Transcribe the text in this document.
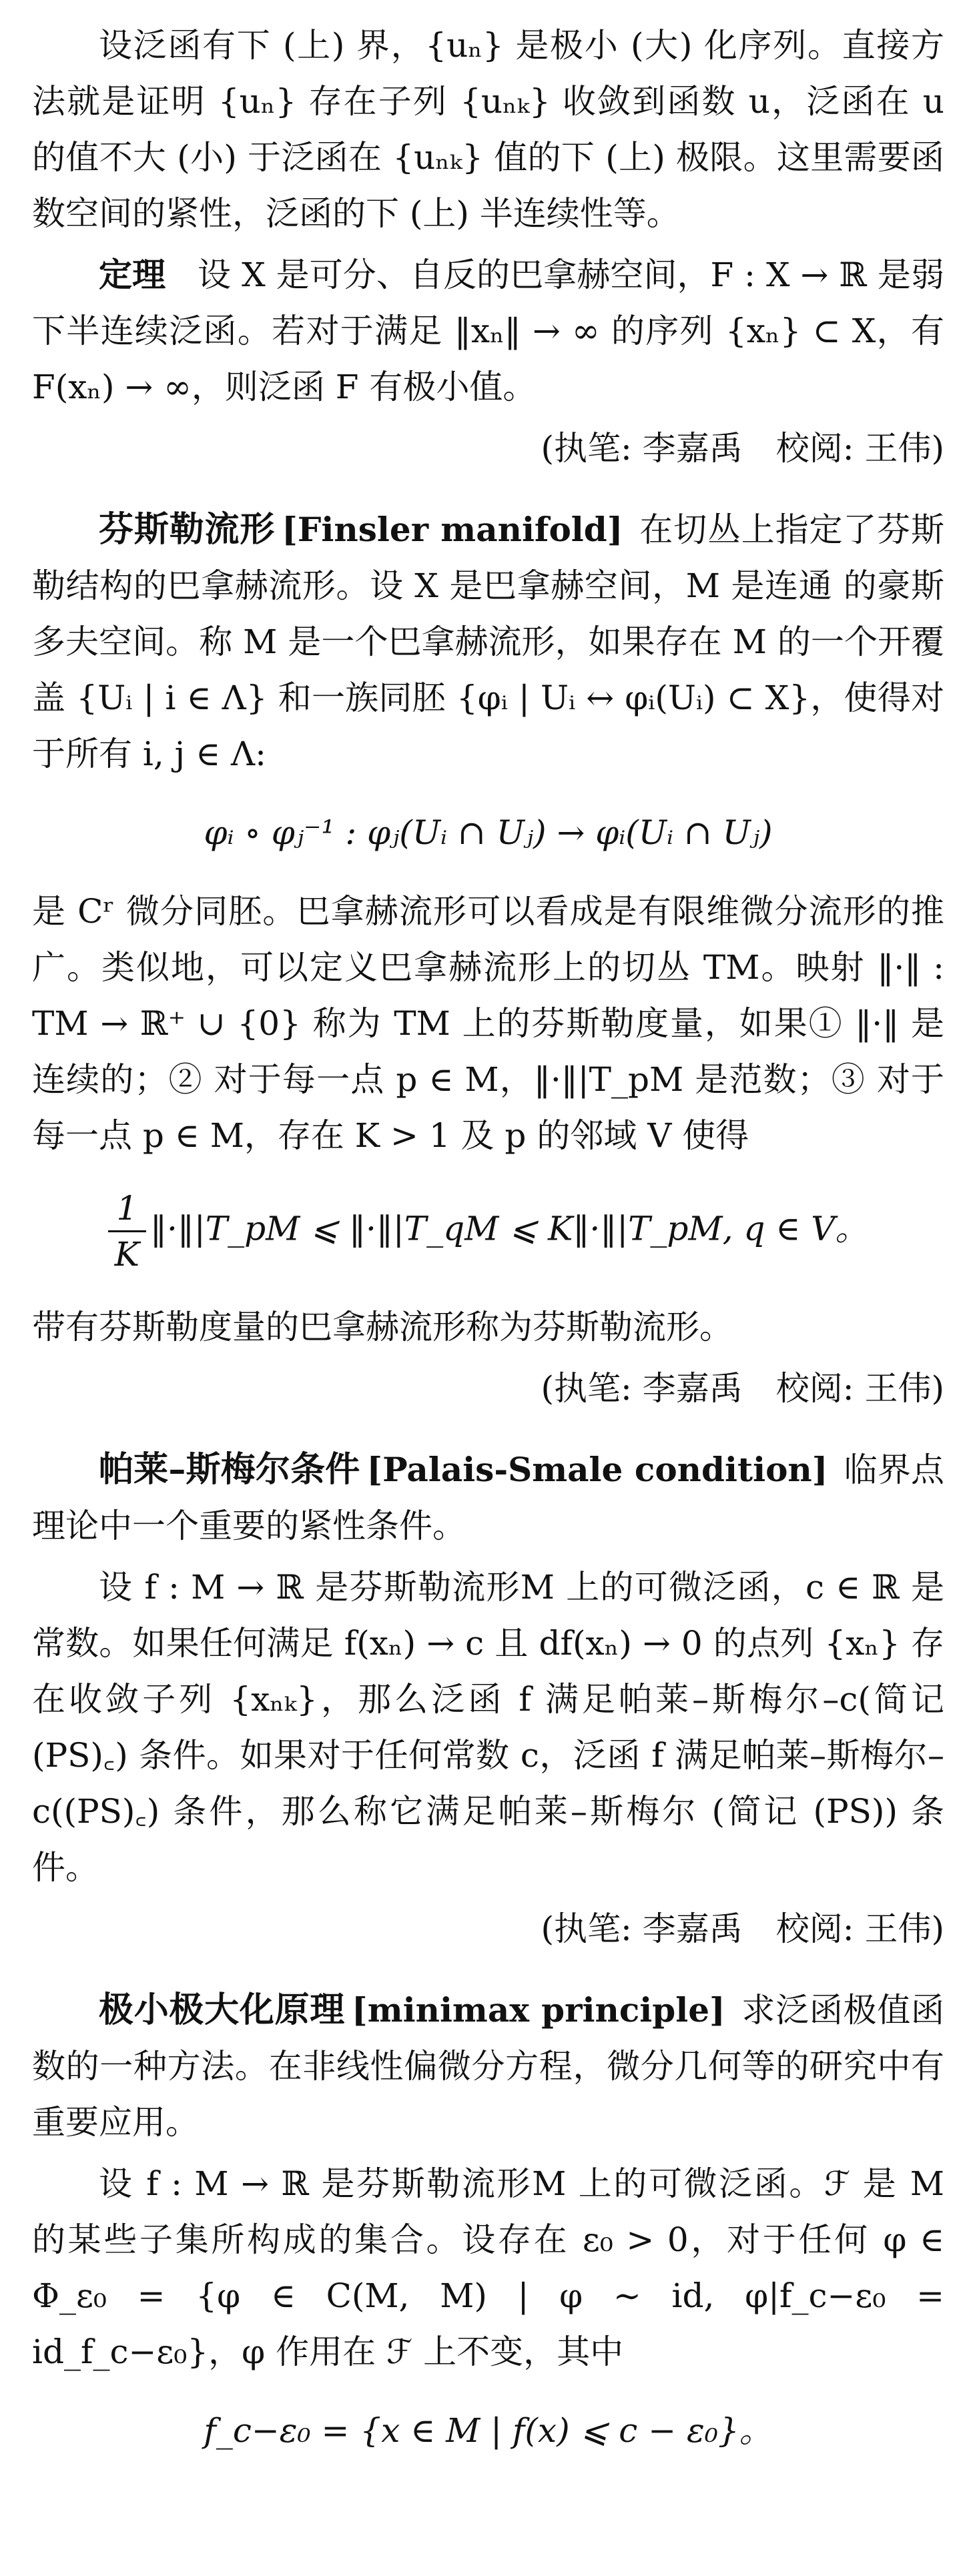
设泛函有下 (上) 界，{uₙ} 是极小 (大) 化序列。直接方法就是证明 {uₙ} 存在子列 {uₙₖ} 收敛到函数 u，泛函在 u 的值不大 (小) 于泛函在 {uₙₖ} 值的下 (上) 极限。这里需要函数空间的紧性，泛函的下 (上) 半连续性等。

定理 设 X 是可分、自反的巴拿赫空间，F : X → ℝ 是弱下半连续泛函。若对于满足 ‖xₙ‖ → ∞ 的序列 {xₙ} ⊂ X，有 F(xₙ) → ∞，则泛函 F 有极小值。

(执笔: 李嘉禹 校阅: 王伟)

芬斯勒流形 [Finsler manifold] 在切丛上指定了芬斯勒结构的巴拿赫流形。设 X 是巴拿赫空间，M 是连通 的豪斯多夫空间。称 M 是一个巴拿赫流形，如果存在 M 的一个开覆盖 {Uᵢ | i ∈ Λ} 和一族同胚 {φᵢ | Uᵢ ↔ φᵢ(Uᵢ) ⊂ X}，使得对于所有 i, j ∈ Λ:

φᵢ ∘ φⱼ⁻¹ : φⱼ(Uᵢ ∩ Uⱼ) → φᵢ(Uᵢ ∩ Uⱼ)

是 Cʳ 微分同胚。巴拿赫流形可以看成是有限维微分流形的推广。类似地，可以定义巴拿赫流形上的切丛 TM。映射 ‖·‖ : TM → ℝ⁺ ∪ {0} 称为 TM 上的芬斯勒度量，如果① ‖·‖ 是连续的；② 对于每一点 p ∈ M，‖·‖|T_pM 是范数；③ 对于每一点 p ∈ M，存在 K > 1 及 p 的邻域 V 使得

$\frac{1}{K}$ ‖·‖|T_pM ⩽ ‖·‖|T_qM ⩽ K‖·‖|T_pM, q ∈ V。

带有芬斯勒度量的巴拿赫流形称为芬斯勒流形。

(执笔: 李嘉禹 校阅: 王伟)

帕莱–斯梅尔条件 [Palais-Smale condition] 临界点理论中一个重要的紧性条件。

设 f : M → ℝ 是芬斯勒流形M 上的可微泛函，c ∈ ℝ 是常数。如果任何满足 f(xₙ) → c 且 df(xₙ) → 0 的点列 {xₙ} 存在收敛子列 {xₙₖ}，那么泛函 f 满足帕莱–斯梅尔–c(简记 (PS)꜀) 条件。如果对于任何常数 c，泛函 f 满足帕莱–斯梅尔–c((PS)꜀) 条件，那么称它满足帕莱–斯梅尔 (简记 (PS)) 条件。

(执笔: 李嘉禹 校阅: 王伟)

极小极大化原理 [minimax principle] 求泛函极值函数的一种方法。在非线性偏微分方程，微分几何等的研究中有重要应用。

设 f : M → ℝ 是芬斯勒流形M 上的可微泛函。ℱ 是 M 的某些子集所构成的集合。设存在 ε₀ > 0，对于任何 φ ∈ Φ_ε₀ = {φ ∈ C(M, M) | φ ∼ id, φ|f_c−ε₀ = id_f_c−ε₀}，φ 作用在 ℱ 上不变，其中

f_c−ε₀ = {x ∈ M | f(x) ⩽ c − ε₀}。
